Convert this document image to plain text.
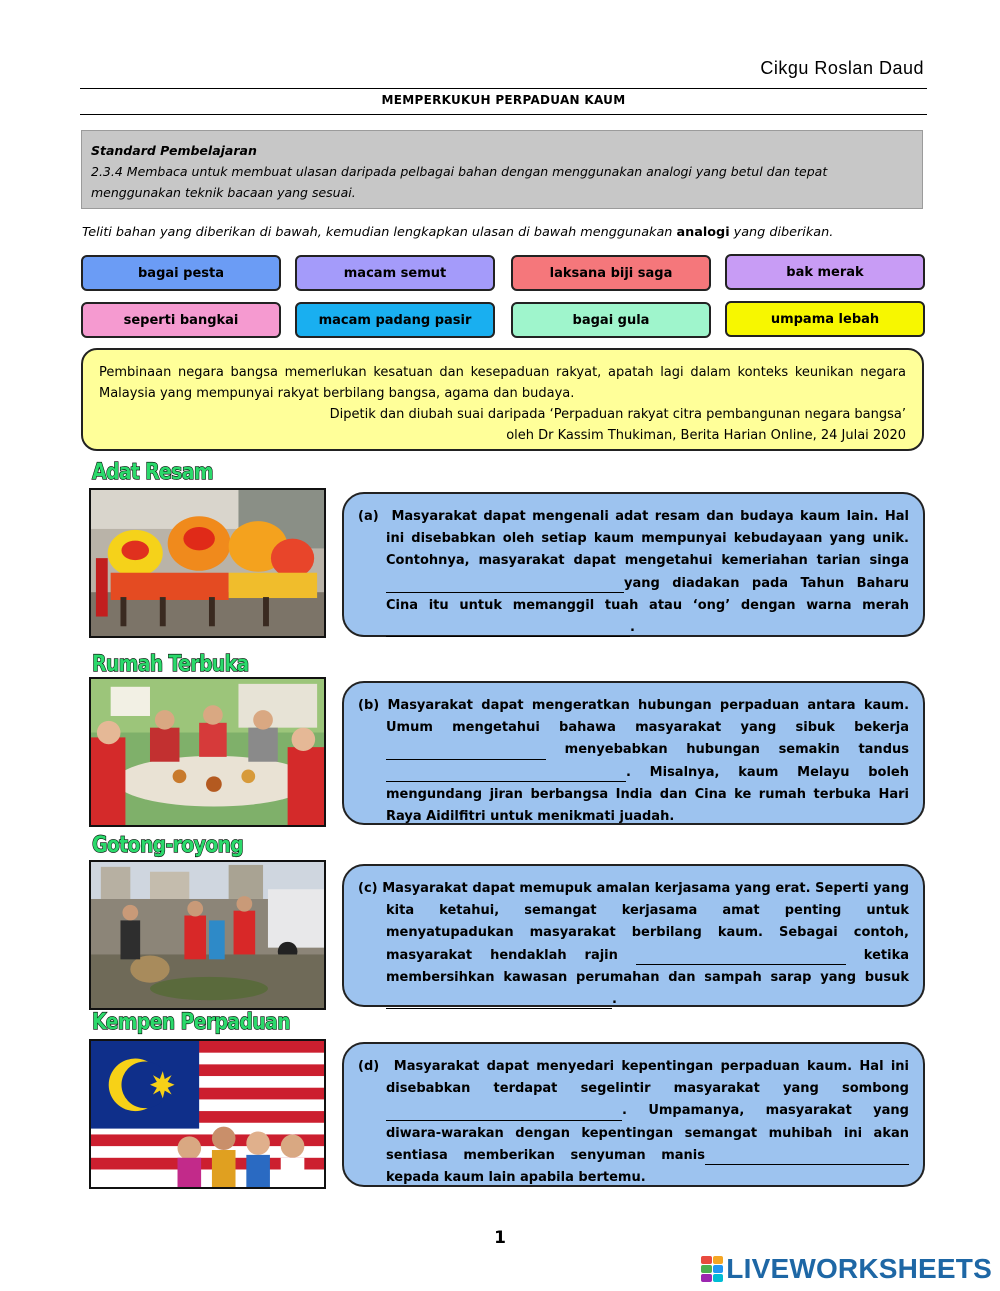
Cikgu Roslan Daud
MEMPERKUKUH PERPADUAN KAUM
Standard Pembelajaran
2.3.4 Membaca untuk membuat ulasan daripada pelbagai bahan dengan menggunakan analogi yang betul dan tepat menggunakan teknik bacaan yang sesuai.
Teliti bahan yang diberikan di bawah, kemudian lengkapkan ulasan di bawah menggunakan analogi yang diberikan.
bagai pesta	macam semut	laksana biji saga	bak merak
seperti bangkai	macam padang pasir	bagai gula	umpama lebah
Pembinaan negara bangsa memerlukan kesatuan dan kesepaduan rakyat, apatah lagi dalam konteks keunikan negara Malaysia yang mempunyai rakyat berbilang bangsa, agama dan budaya.
Dipetik dan diubah suai daripada ‘Perpaduan rakyat citra pembangunan negara bangsa’
oleh Dr Kassim Thukiman, Berita Harian Online, 24 Julai 2020
Adat Resam

(a) Masyarakat dapat mengenali adat resam dan budaya kaum lain. Hal ini disebabkan oleh setiap kaum mempunyai kebudayaan yang unik. Contohnya, masyarakat dapat mengetahui kemeriahan tarian singa yang diadakan pada Tahun Baharu Cina itu untuk memanggil tuah atau ‘ong’ dengan warna merah.

Rumah Terbuka

(b) Masyarakat dapat mengeratkan hubungan perpaduan antara kaum. Umum mengetahui bahawa masyarakat yang sibuk bekerja  menyebabkan hubungan semakin tandus. Misalnya, kaum Melayu boleh mengundang jiran berbangsa India dan Cina ke rumah terbuka Hari Raya Aidilfitri untuk menikmati juadah.

Gotong-royong

(c) Masyarakat dapat memupuk amalan kerjasama yang erat. Seperti yang kita ketahui, semangat kerjasama amat penting untuk menyatupadukan masyarakat berbilang kaum. Sebagai contoh, masyarakat hendaklah rajin	ketika membersihkan kawasan perumahan dan sampah sarap yang busuk.

Kempen Perpaduan

(d) Masyarakat dapat menyedari kepentingan perpaduan kaum. Hal ini disebabkan terdapat segelintir masyarakat yang sombong . Umpamanya, masyarakat yang diwara-warakan dengan kepentingan semangat muhibah ini akan sentiasa memberikan senyuman maniskepada kaum lain apabila bertemu.

1
LIVEWORKSHEETS
